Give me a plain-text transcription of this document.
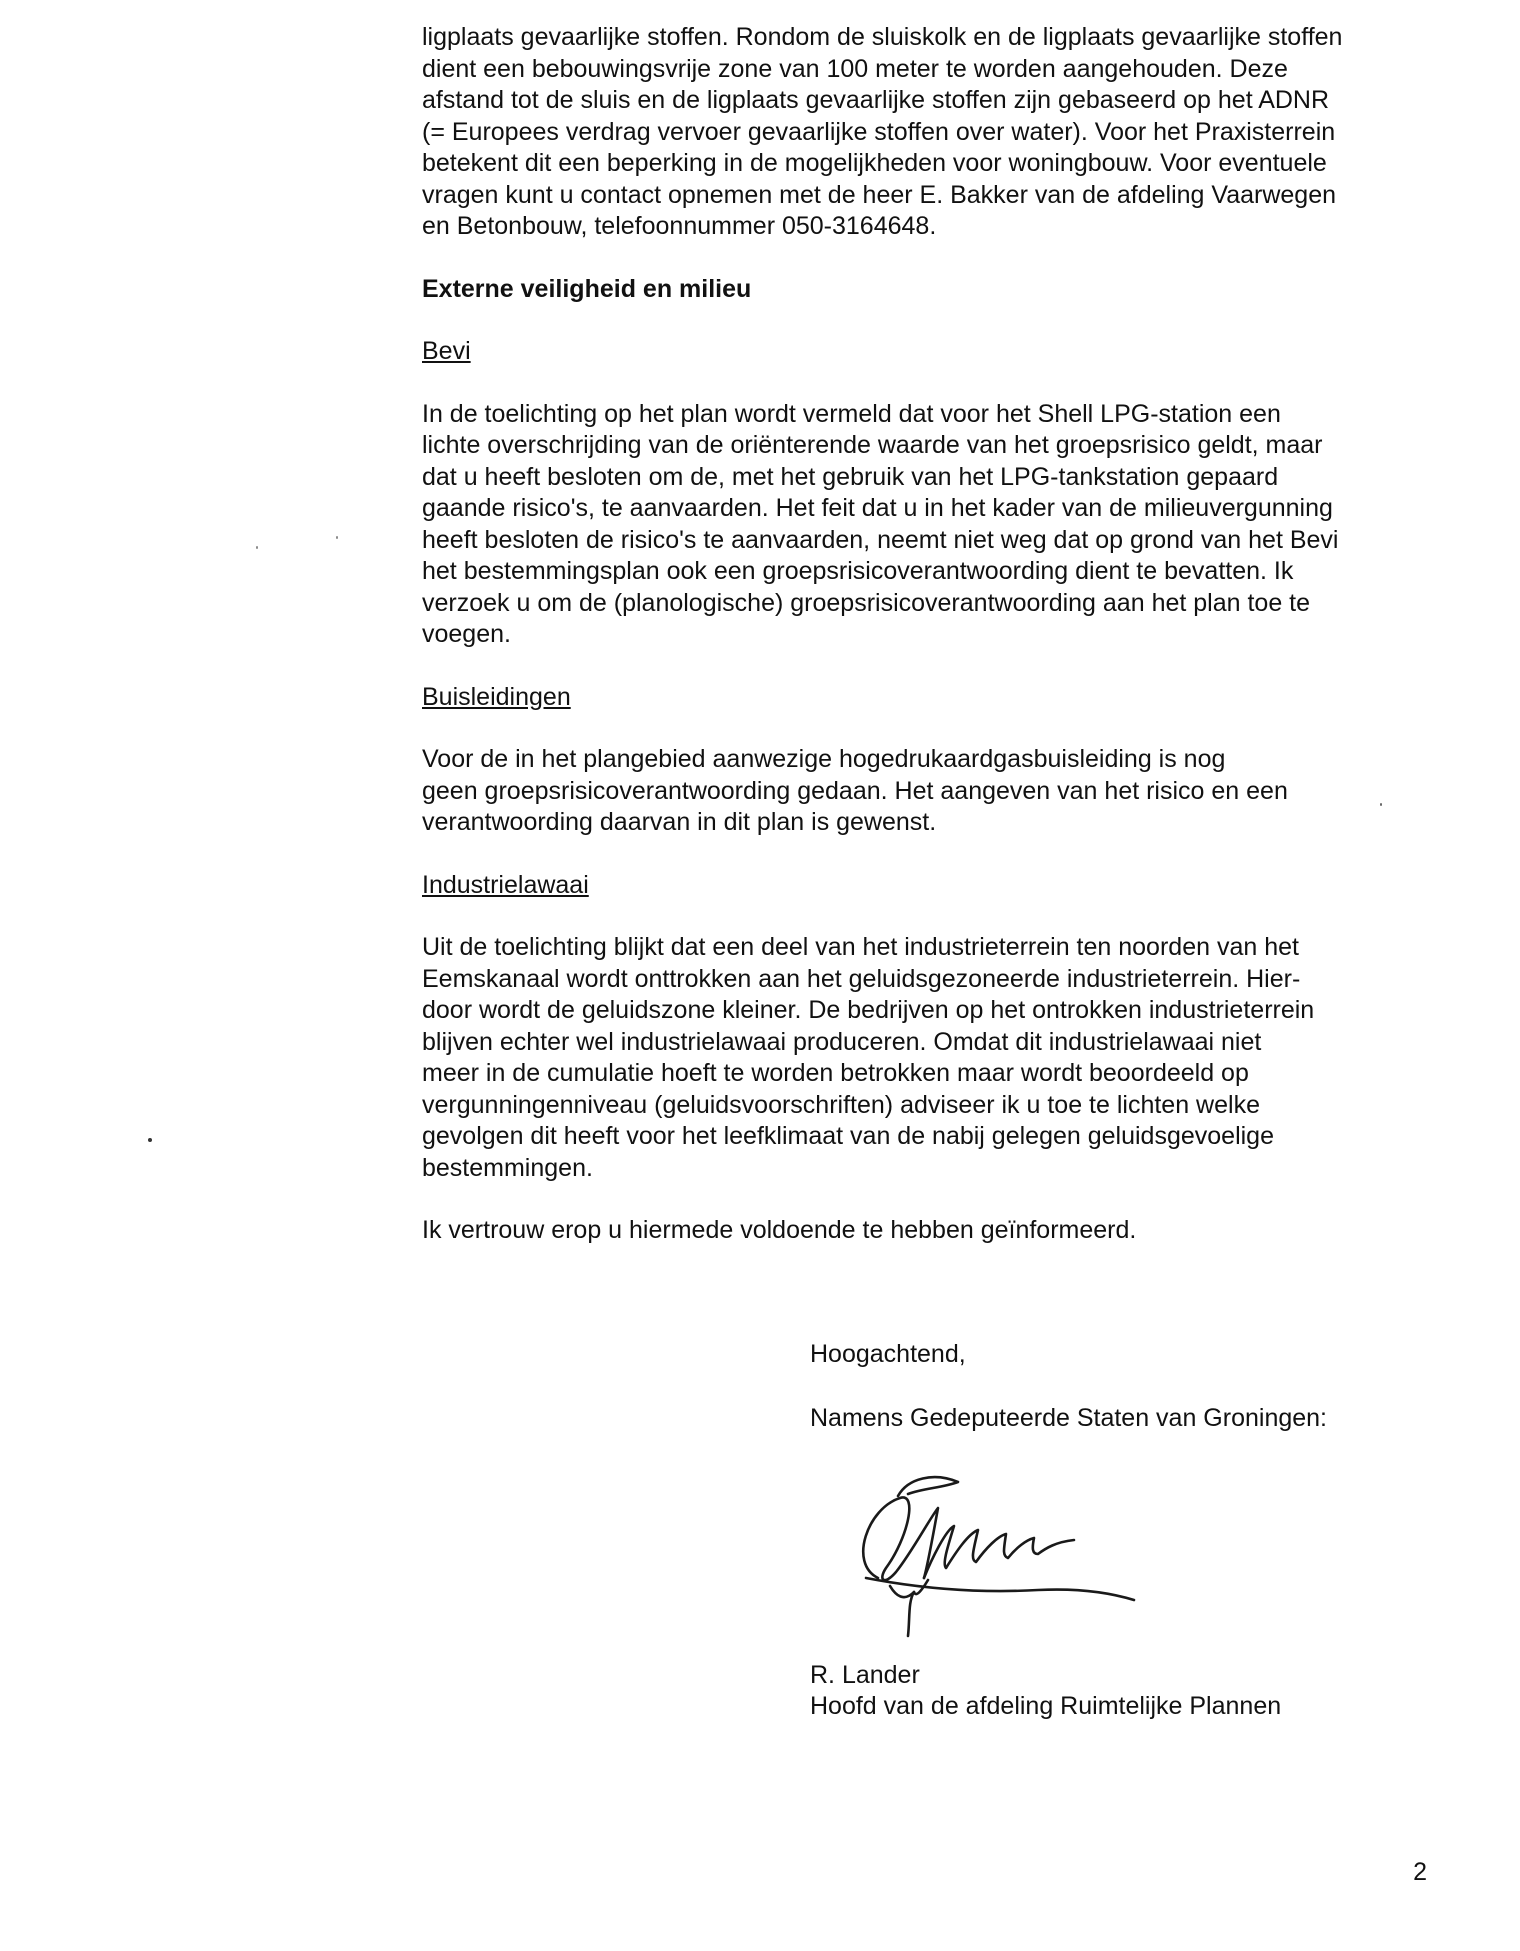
ligplaats gevaarlijke stoffen. Rondom de sluiskolk en de ligplaats gevaarlijke stoffen
dient een bebouwingsvrije zone van 100 meter te worden aangehouden. Deze
afstand tot de sluis en de ligplaats gevaarlijke stoffen zijn gebaseerd op het ADNR
(= Europees verdrag vervoer gevaarlijke stoffen over water). Voor het Praxisterrein
betekent dit een beperking in de mogelijkheden voor woningbouw. Voor eventuele
vragen kunt u contact opnemen met de heer E. Bakker van de afdeling Vaarwegen
en Betonbouw, telefoonnummer 050-3164648.

Externe veiligheid en milieu

Bevi

In de toelichting op het plan wordt vermeld dat voor het Shell LPG-station een
lichte overschrijding van de oriënterende waarde van het groepsrisico geldt, maar
dat u heeft besloten om de, met het gebruik van het LPG-tankstation gepaard
gaande risico's, te aanvaarden. Het feit dat u in het kader van de milieuvergunning
heeft besloten de risico's te aanvaarden, neemt niet weg dat op grond van het Bevi
het bestemmingsplan ook een groepsrisicoverantwoording dient te bevatten. Ik
verzoek u om de (planologische) groepsrisicoverantwoording aan het plan toe te
voegen.

Buisleidingen

Voor de in het plangebied aanwezige hogedrukaardgasbuisleiding is nog
geen groepsrisicoverantwoording gedaan. Het aangeven van het risico en een
verantwoording daarvan in dit plan is gewenst.

Industrielawaai

Uit de toelichting blijkt dat een deel van het industrieterrein ten noorden van het
Eemskanaal wordt onttrokken aan het geluidsgezoneerde industrieterrein. Hier-
door wordt de geluidszone kleiner. De bedrijven op het ontrokken industrieterrein
blijven echter wel industrielawaai produceren. Omdat dit industrielawaai niet
meer in de cumulatie hoeft te worden betrokken maar wordt beoordeeld op
vergunningenniveau (geluidsvoorschriften) adviseer ik u toe te lichten welke
gevolgen dit heeft voor het leefklimaat van de nabij gelegen geluidsgevoelige
bestemmingen.

Ik vertrouw erop u hiermede voldoende te hebben geïnformeerd.

Hoogachtend,

Namens Gedeputeerde Staten van Groningen:

R. Lander

Hoofd van de afdeling Ruimtelijke Plannen

2
